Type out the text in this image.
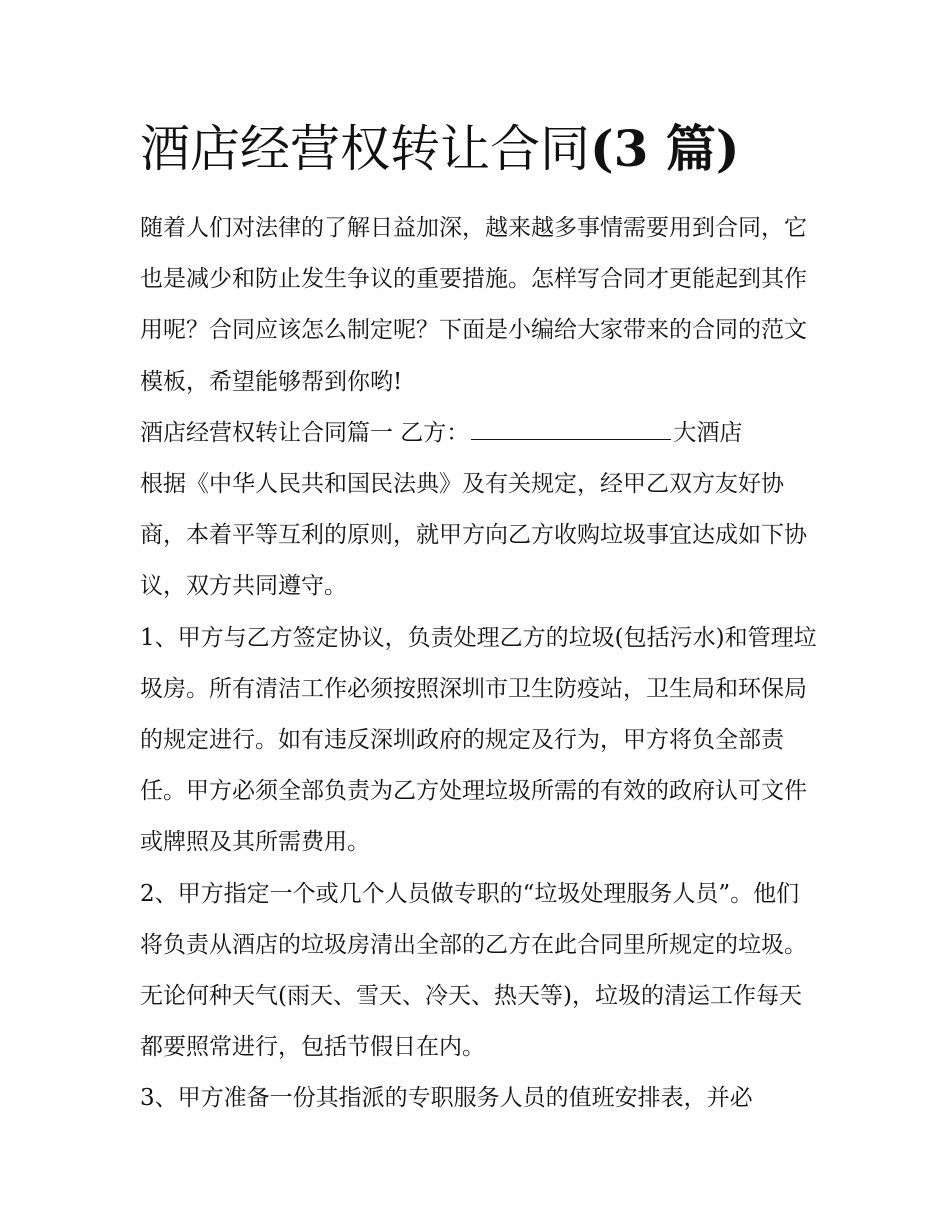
酒店经营权转让合同(3 篇)

随着人们对法律的了解日益加深，越来越多事情需要用到合同，它也是减少和防止发生争议的重要措施。怎样写合同才更能起到其作用呢？合同应该怎么制定呢？下面是小编给大家带来的合同的范文模板，希望能够帮到你哟!

酒店经营权转让合同篇一 乙方：	大酒店

根据《中华人民共和国民法典》及有关规定，经甲乙双方友好协商，本着平等互利的原则，就甲方向乙方收购垃圾事宜达成如下协议，双方共同遵守。

1、甲方与乙方签定协议，负责处理乙方的垃圾(包括污水)和管理垃圾房。所有清洁工作必须按照深圳市卫生防疫站，卫生局和环保局的规定进行。如有违反深圳政府的规定及行为，甲方将负全部责任。甲方必须全部负责为乙方处理垃圾所需的有效的政府认可文件或牌照及其所需费用。

2、甲方指定一个或几个人员做专职的“垃圾处理服务人员”。他们将负责从酒店的垃圾房清出全部的乙方在此合同里所规定的垃圾。无论何种天气(雨天、雪天、冷天、热天等)，垃圾的清运工作每天都要照常进行，包括节假日在内。

3、甲方准备一份其指派的专职服务人员的值班安排表，并必
